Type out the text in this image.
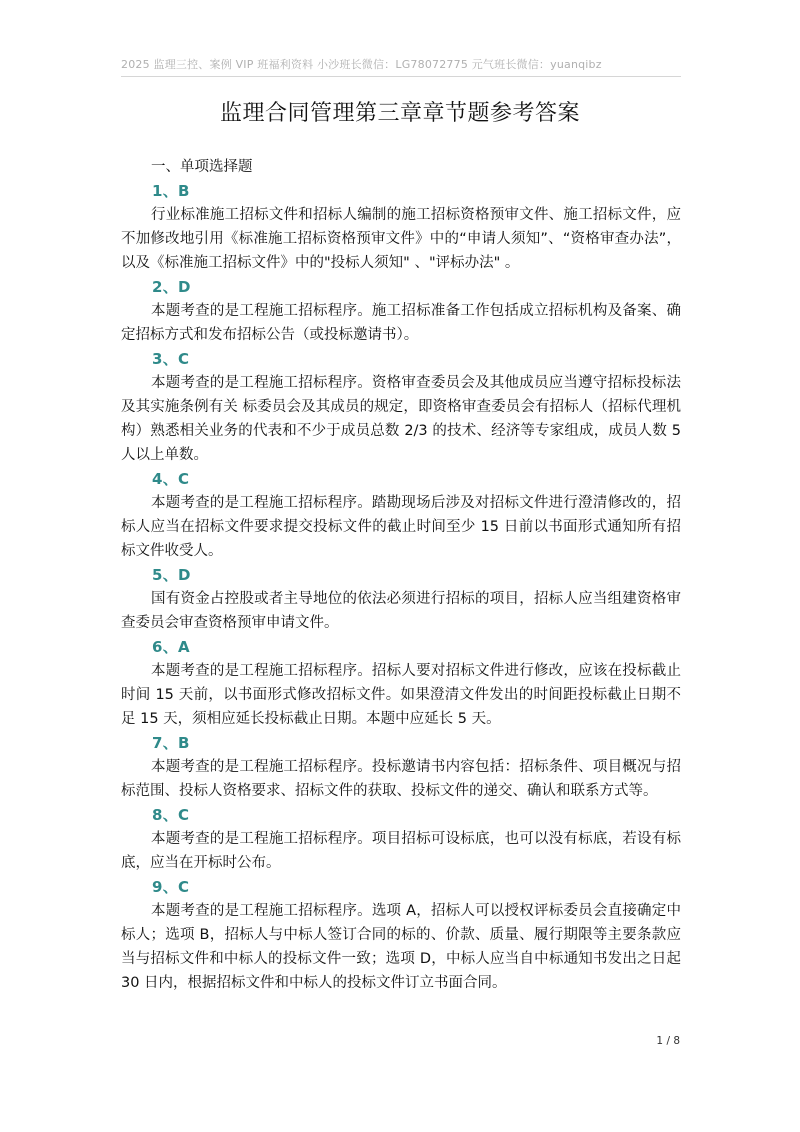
2025 监理三控、案例 VIP 班福利资料 小沙班长微信：LG78072775 元气班长微信：yuanqibz
监理合同管理第三章章节题参考答案
一、单项选择题
1、B

行业标准施工招标文件和招标人编制的施工招标资格预审文件、施工招标文件，应不加修改地引用《标准施工招标资格预审文件》中的“申请人须知”、“资格审查办法”，以及《标准施工招标文件》中的"投标人须知" 、"评标办法" 。

2、D

本题考查的是工程施工招标程序。施工招标准备工作包括成立招标机构及备案、确定招标方式和发布招标公告（或投标邀请书）。

3、C

本题考查的是工程施工招标程序。资格审查委员会及其他成员应当遵守招标投标法及其实施条例有关 标委员会及其成员的规定，即资格审查委员会有招标人（招标代理机构）熟悉相关业务的代表和不少于成员总数 2/3 的技术、经济等专家组成，成员人数 5 人以上单数。

4、C

本题考查的是工程施工招标程序。踏勘现场后涉及对招标文件进行澄清修改的，招标人应当在招标文件要求提交投标文件的截止时间至少 15 日前以书面形式通知所有招标文件收受人。

5、D

国有资金占控股或者主导地位的依法必须进行招标的项目，招标人应当组建资格审查委员会审查资格预审申请文件。

6、A

本题考查的是工程施工招标程序。招标人要对招标文件进行修改，应该在投标截止时间 15 天前，以书面形式修改招标文件。如果澄清文件发出的时间距投标截止日期不足 15 天，须相应延长投标截止日期。本题中应延长 5 天。

7、B

本题考查的是工程施工招标程序。投标邀请书内容包括：招标条件、项目概况与招标范围、投标人资格要求、招标文件的获取、投标文件的递交、确认和联系方式等。

8、C

本题考查的是工程施工招标程序。项目招标可设标底，也可以没有标底，若设有标底，应当在开标时公布。

9、C

本题考查的是工程施工招标程序。选项 A，招标人可以授权评标委员会直接确定中标人；选项 B，招标人与中标人签订合同的标的、价款、质量、履行期限等主要条款应当与招标文件和中标人的投标文件一致；选项 D，中标人应当自中标通知书发出之日起 30 日内，根据招标文件和中标人的投标文件订立书面合同。

1 / 8
